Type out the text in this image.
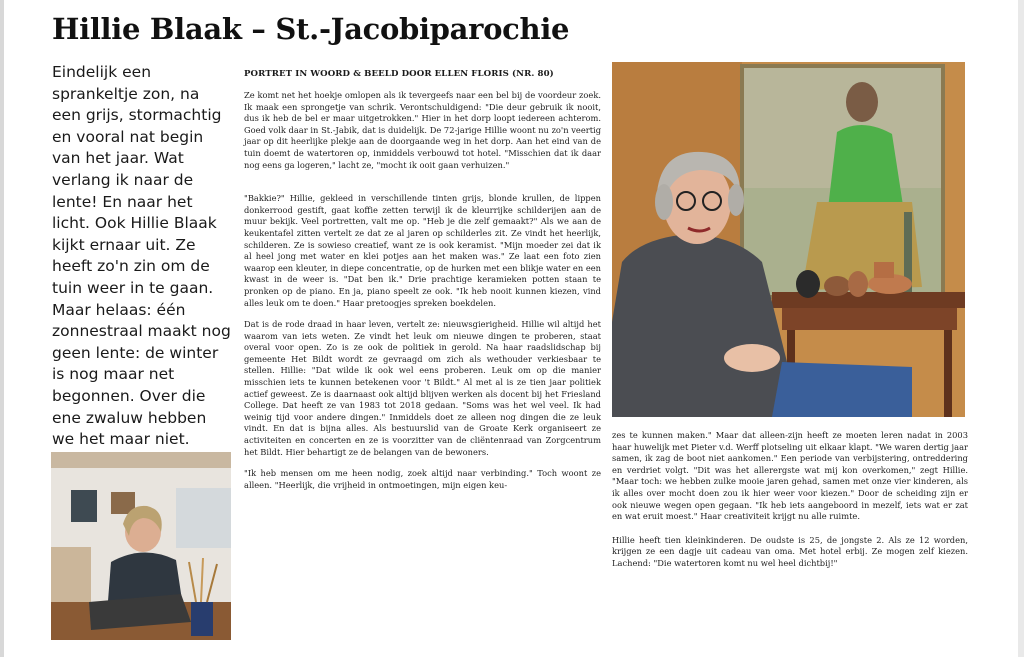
Hillie Blaak – St.-Jacobiparochie

Eindelijk een sprankeltje zon, na een grijs, stormachtig en vooral nat begin van het jaar. Wat verlang ik naar de lente! En naar het licht. Ook Hillie Blaak kijkt ernaar uit. Ze heeft zo'n zin om de tuin weer in te gaan. Maar helaas: één zonnestraal maakt nog geen lente: de winter is nog maar net begonnen. Over die ene zwaluw hebben we het maar niet.

PORTRET IN WOORD & BEELD DOOR ELLEN FLORIS (NR. 80)

Ze komt net het hoekje omlopen als ik tevergeefs naar een bel bij de voordeur zoek. Ik maak een sprongetje van schrik. Verontschuldigend: "Die deur gebruik ik nooit, dus ik heb de bel er maar uitgetrokken." Hier in het dorp loopt iedereen achterom. Goed volk daar in St.-Jabik, dat is duidelijk. De 72-jarige Hillie woont nu zo'n veertig jaar op dit heerlijke plekje aan de doorgaande weg in het dorp. Aan het eind van de tuin doemt de watertoren op, inmiddels verbouwd tot hotel. "Misschien dat ik daar nog eens ga logeren," lacht ze, "mocht ik ooit gaan verhuizen."

"Bakkie?" Hillie, gekleed in verschillende tinten grijs, blonde krullen, de lippen donkerrood gestift, gaat koffie zetten terwijl ik de kleurrijke schilderijen aan de muur bekijk. Veel portretten, valt me op. "Heb je die zelf gemaakt?" Als we aan de keukentafel zitten vertelt ze dat ze al jaren op schilderles zit. Ze vindt het heerlijk, schilderen. Ze is sowieso creatief, want ze is ook keramist. "Mijn moeder zei dat ik al heel jong met water en klei potjes aan het maken was." Ze laat een foto zien waarop een kleuter, in diepe concentratie, op de hurken met een blikje water en een kwast in de weer is. "Dat ben ik." Drie prachtige keramieken potten staan te pronken op de piano. En ja, piano speelt ze ook. "Ik heb nooit kunnen kiezen, vind alles leuk om te doen." Haar pretoogjes spreken boekdelen.

Dat is de rode draad in haar leven, vertelt ze: nieuwsgierigheid. Hillie wil altijd het waarom van iets weten. Ze vindt het leuk om nieuwe dingen te proberen, staat overal voor open. Zo is ze ook de politiek in gerold. Na haar raadslidschap bij gemeente Het Bildt wordt ze gevraagd om zich als wethouder verkiesbaar te stellen. Hillie: "Dat wilde ik ook wel eens proberen. Leuk om op die manier misschien iets te kunnen betekenen voor 't Bildt." Al met al is ze tien jaar politiek actief geweest. Ze is daarnaast ook altijd blijven werken als docent bij het Friesland College. Dat heeft ze van 1983 tot 2018 gedaan. "Soms was het wel veel. Ik had weinig tijd voor andere dingen." Inmiddels doet ze alleen nog dingen die ze leuk vindt. En dat is bijna alles. Als bestuurslid van de Groate Kerk organiseert ze activiteiten en concerten en ze is voorzitter van de cliëntenraad van Zorgcentrum het Bildt. Hier behartigt ze de belangen van de bewoners.

"Ik heb mensen om me heen nodig, zoek altijd naar verbinding." Toch woont ze alleen. "Heerlijk, die vrijheid in ontmoetingen, mijn eigen keu-

zes te kunnen maken." Maar dat alleen-zijn heeft ze moeten leren nadat in 2003 haar huwelijk met Pieter v.d. Werff plotseling uit elkaar klapt. "We waren dertig jaar samen, ik zag de boot niet aankomen." Een periode van verbijstering, ontreddering en verdriet volgt. "Dit was het allerergste wat mij kon overkomen," zegt Hillie. "Maar toch: we hebben zulke mooie jaren gehad, samen met onze vier kinderen, als ik alles over mocht doen zou ik hier weer voor kiezen." Door de scheiding zijn er ook nieuwe wegen open gegaan. "Ik heb iets aangeboord in mezelf, iets wat er zat en wat eruit moest." Haar creativiteit krijgt nu alle ruimte.

Hillie heeft tien kleinkinderen. De oudste is 25, de jongste 2. Als ze 12 worden, krijgen ze een dagje uit cadeau van oma. Met hotel erbij. Ze mogen zelf kiezen. Lachend: "Die watertoren komt nu wel heel dichtbij!"
